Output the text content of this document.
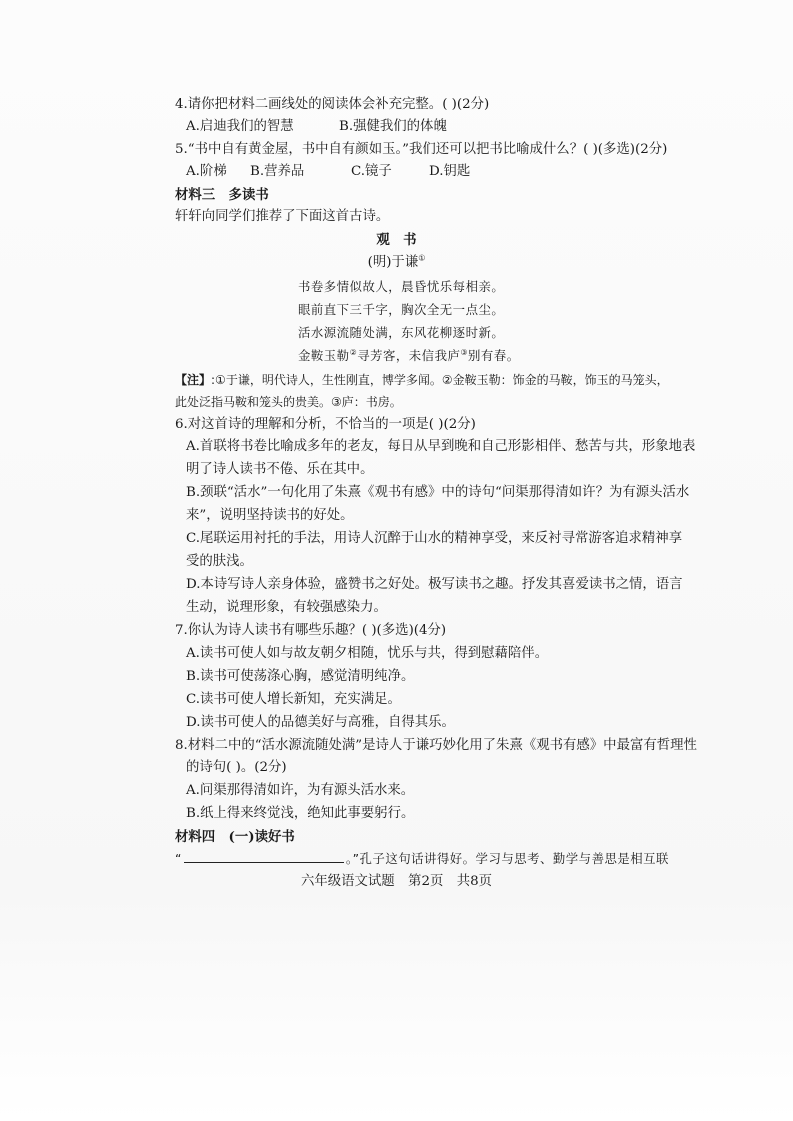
4.请你把材料二画线处的阅读体会补充完整。( )(2分)
A.启迪我们的智慧	B.强健我们的体魄
5.“书中自有黄金屋，书中自有颜如玉。”我们还可以把书比喻成什么？( )(多选)(2分)
A.阶梯 B.营养品	C.镜子	D.钥匙
材料三　多读书
轩轩向同学们推荐了下面这首古诗。
观　书
(明)于谦①
书卷多情似故人，晨昏忧乐每相亲。
眼前直下三千字，胸次全无一点尘。
活水源流随处满，东风花柳逐时新。
金鞍玉勒②寻芳客，未信我庐③别有春。
【注】:①于谦，明代诗人，生性刚直，博学多闻。②金鞍玉勒：饰金的马鞍，饰玉的马笼头，
此处泛指马鞍和笼头的贵美。③庐：书房。
6.对这首诗的理解和分析，不恰当的一项是( )(2分)
A.首联将书卷比喻成多年的老友，每日从早到晚和自己形影相伴、愁苦与共，形象地表
明了诗人读书不倦、乐在其中。
B.颈联“活水”一句化用了朱熹《观书有感》中的诗句“问渠那得清如许？为有源头活水
来”，说明坚持读书的好处。
C.尾联运用衬托的手法，用诗人沉醉于山水的精神享受，来反衬寻常游客追求精神享
受的肤浅。
D.本诗写诗人亲身体验，盛赞书之好处。极写读书之趣。抒发其喜爱读书之情，语言
生动，说理形象，有较强感染力。
7.你认为诗人读书有哪些乐趣？( )(多选)(4分)
A.读书可使人如与故友朝夕相随，忧乐与共，得到慰藉陪伴。
B.读书可使荡涤心胸，感觉清明纯净。
C.读书可使人增长新知，充实满足。
D.读书可使人的品德美好与高雅，自得其乐。
8.材料二中的“活水源流随处满”是诗人于谦巧妙化用了朱熹《观书有感》中最富有哲理性
的诗句( )。(2分)
A.问渠那得清如许，为有源头活水来。
B.纸上得来终觉浅，绝知此事要躬行。
材料四　(一)读好书
“	。”孔子这句话讲得好。学习与思考、勤学与善思是相互联
六年级语文试题　第2页　共8页
